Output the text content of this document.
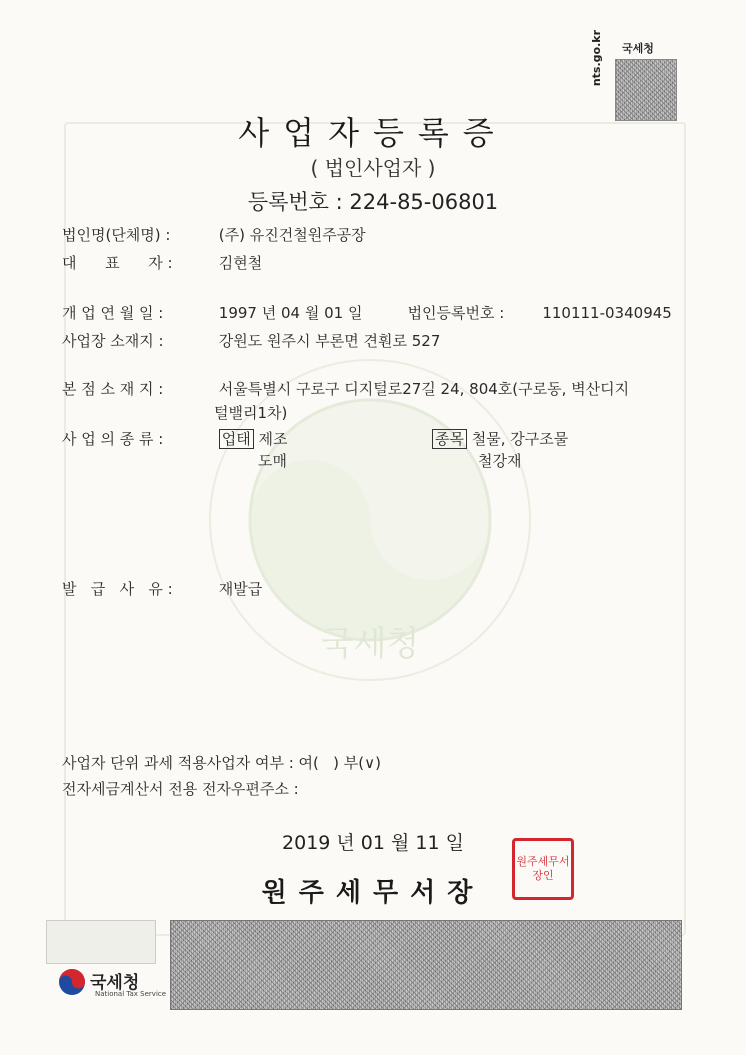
국세청
nts.go.kr 국세청
사업자등록증
( 법인사업자 )
등록번호 : 224-85-06801
법인명(단체명) :	(주) 유진건철원주공장
대      표      자 :	김현철
개 업 연 월 일 :	1997 년 04 월 01 일	법인등록번호 :	110111-0340945
사업장 소재지 :	강원도 원주시 부론면 견훤로 527
본 점 소 재 지 :	서울특별시 구로구 디지털로27길 24, 804호(구로동, 벽산디지
털밸리1차)
사 업 의 종 류 :	업태 제조
도매
종목 철물, 강구조물
철강재
발   급   사   유 :	재발급
사업자 단위 과세 적용사업자 여부 : 여(   ) 부(∨)
전자세금계산서 전용 전자우편주소 :
2019 년 01 월 11 일
원주세무서장
원주세무서장인
국세청
National Tax Service
